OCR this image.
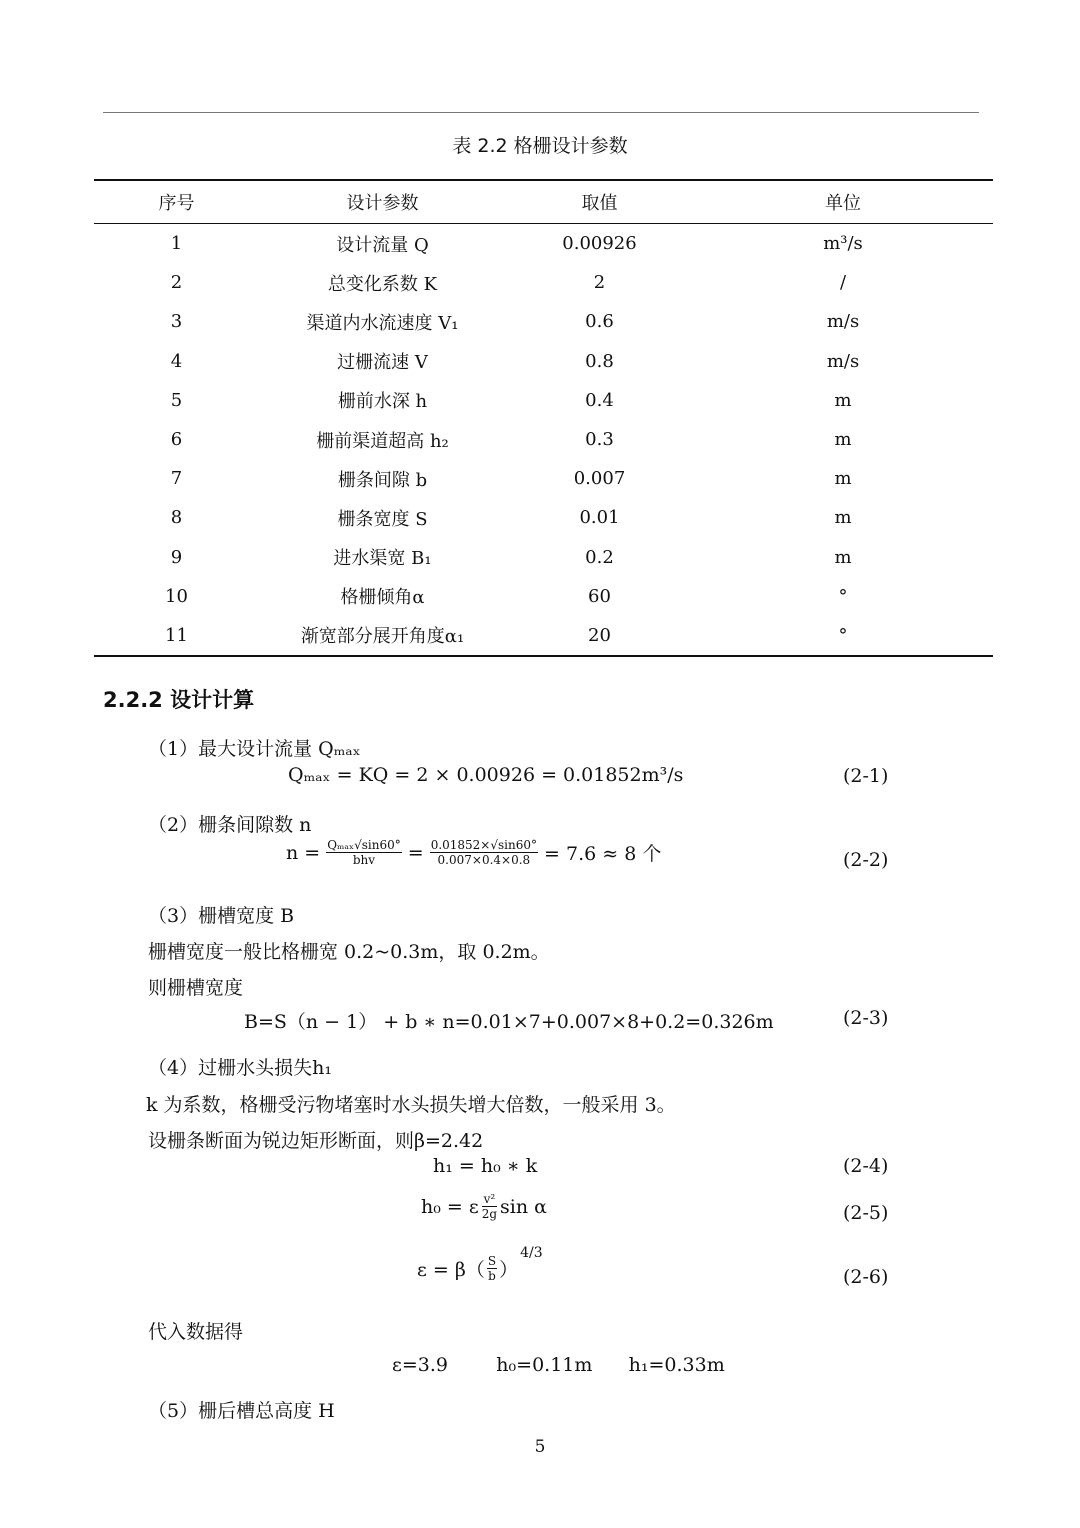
表 2.2 格栅设计参数
序号	设计参数	取值	单位
1	设计流量 Q	0.00926	m³/s
2	总变化系数 K	2	/
3	渠道内水流速度 V₁	0.6	m/s
4	过栅流速 V	0.8	m/s
5	栅前水深 h	0.4	m
6	栅前渠道超高 h₂	0.3	m
7	栅条间隙 b	0.007	m
8	栅条宽度 S	0.01	m
9	进水渠宽 B₁	0.2	m
10	格栅倾角α	60	°
11	渐宽部分展开角度α₁	20	°
2.2.2 设计计算
（1）最大设计流量 Qₘₐₓ
Qₘₐₓ = KQ = 2 × 0.00926 = 0.01852m³/s	(2-1)
（2）栅条间隙数 n
$n = \frac{\text{Qₘₐₓ√sin60°}}{\text{bhv}} = \frac{0.01852\times√\sin 60^\circ}{0.007\times 0.4\times 0.8} = 7.6 \approx 8$ 个	(2-2)
（3）栅槽宽度 B
栅槽宽度一般比格栅宽 0.2~0.3m，取 0.2m。
则栅槽宽度
B=S（n − 1） + b ∗ n=0.01×7+0.007×8+0.2=0.326m	(2-3)
（4）过栅水头损失h₁
k 为系数，格栅受污物堵塞时水头损失增大倍数，一般采用 3。
设栅条断面为锐边矩形断面，则β=2.42
h₁ = h₀ ∗ k	(2-4)
h₀ = ε $\frac{\text{v²}}{2g}$ sin α	(2-5)
$\varepsilon = \beta( \frac{S}{b}$ ）
4/3
(2-6)
代入数据得
ε=3.9        h₀=0.11m      h₁=0.33m
（5）栅后槽总高度 H
5
